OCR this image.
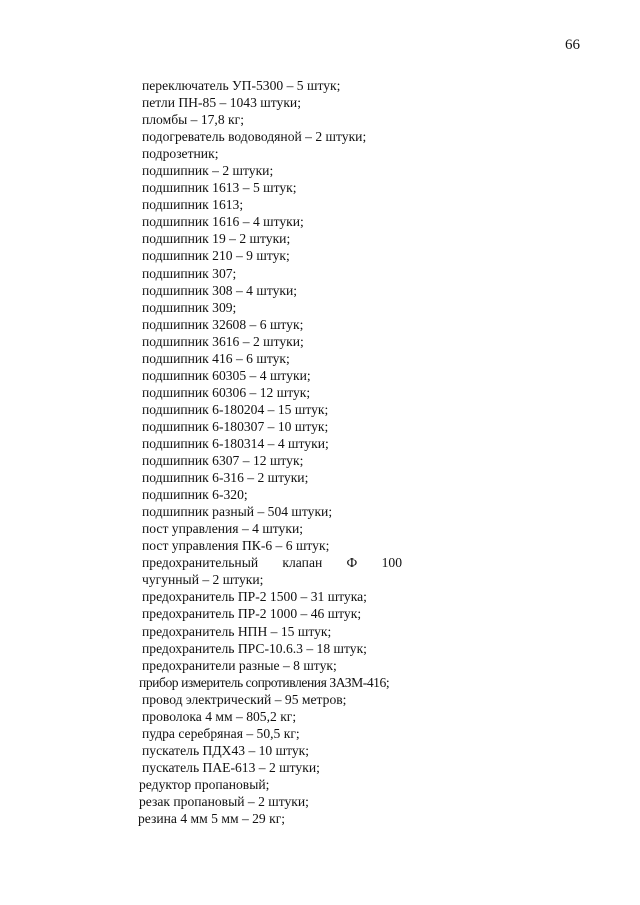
66
переключатель УП-5300 – 5 штук;
петли ПН-85 – 1043 штуки;
пломбы – 17,8 кг;
подогреватель водоводяной – 2 штуки;
подрозетник;
подшипник – 2 штуки;
подшипник 1613 – 5 штук;
подшипник 1613;
подшипник 1616 – 4 штуки;
подшипник 19 – 2 штуки;
подшипник 210 – 9 штук;
подшипник 307;
подшипник 308 – 4 штуки;
подшипник 309;
подшипник 32608 – 6 штук;
подшипник 3616 – 2 штуки;
подшипник 416 – 6 штук;
подшипник 60305 – 4 штуки;
подшипник 60306 – 12 штук;
подшипник 6-180204 – 15 штук;
подшипник 6-180307 – 10 штук;
подшипник 6-180314 – 4 штуки;
подшипник 6307 – 12 штук;
подшипник 6-316 – 2 штуки;
подшипник 6-320;
подшипник разный – 504 штуки;
пост управления – 4 штуки;
пост управления ПК-6 – 6 штук;
предохранительный клапан Ф 100
чугунный – 2 штуки;
предохранитель ПР-2 1500 – 31 штука;
предохранитель ПР-2 1000 – 46 штук;
предохранитель НПН – 15 штук;
предохранитель ПРС-10.6.3 – 18 штук;
предохранители разные – 8 штук;
прибор измеритель сопротивления ЗАЗМ-416;
провод электрический – 95 метров;
проволока 4 мм – 805,2 кг;
пудра серебряная – 50,5 кг;
пускатель ПДХ43 – 10 штук;
пускатель ПАЕ-613 – 2 штуки;
редуктор пропановый;
резак пропановый – 2 штуки;
резина 4 мм 5 мм – 29 кг;
